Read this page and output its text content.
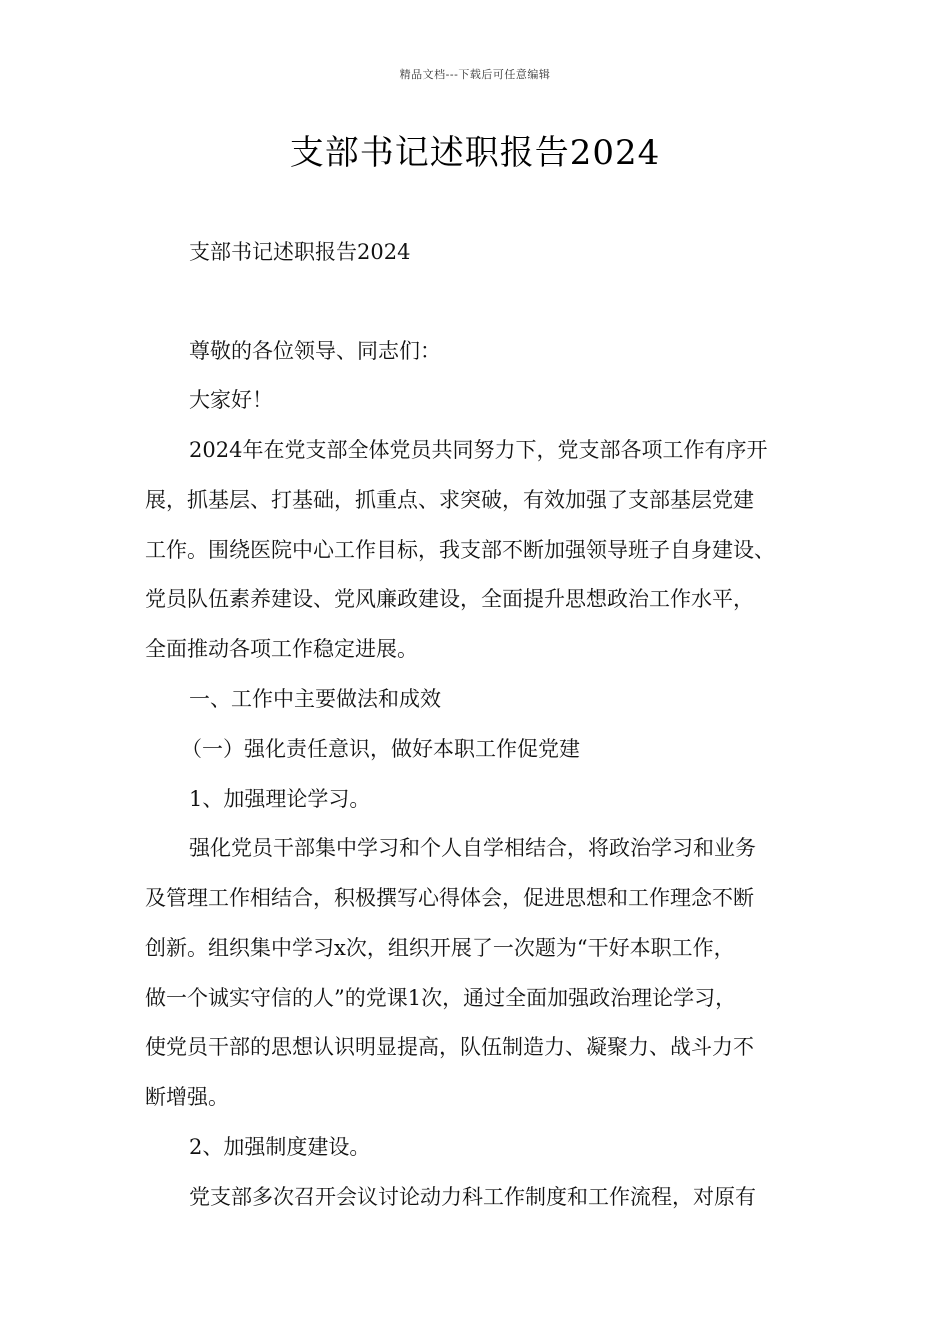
精品文档---下载后可任意编辑
支部书记述职报告2024
支部书记述职报告2024
尊敬的各位领导、同志们：
大家好！
2024年在党支部全体党员共同努力下，党支部各项工作有序开
展，抓基层、打基础，抓重点、求突破，有效加强了支部基层党建
工作。围绕医院中心工作目标，我支部不断加强领导班子自身建设、
党员队伍素养建设、党风廉政建设，全面提升思想政治工作水平，
全面推动各项工作稳定进展。
一、工作中主要做法和成效
（一）强化责任意识，做好本职工作促党建
1、加强理论学习。
强化党员干部集中学习和个人自学相结合，将政治学习和业务
及管理工作相结合，积极撰写心得体会，促进思想和工作理念不断
创新。组织集中学习x次，组织开展了一次题为“干好本职工作，
做一个诚实守信的人”的党课1次，通过全面加强政治理论学习，
使党员干部的思想认识明显提高，队伍制造力、凝聚力、战斗力不
断增强。
2、加强制度建设。
党支部多次召开会议讨论动力科工作制度和工作流程，对原有
